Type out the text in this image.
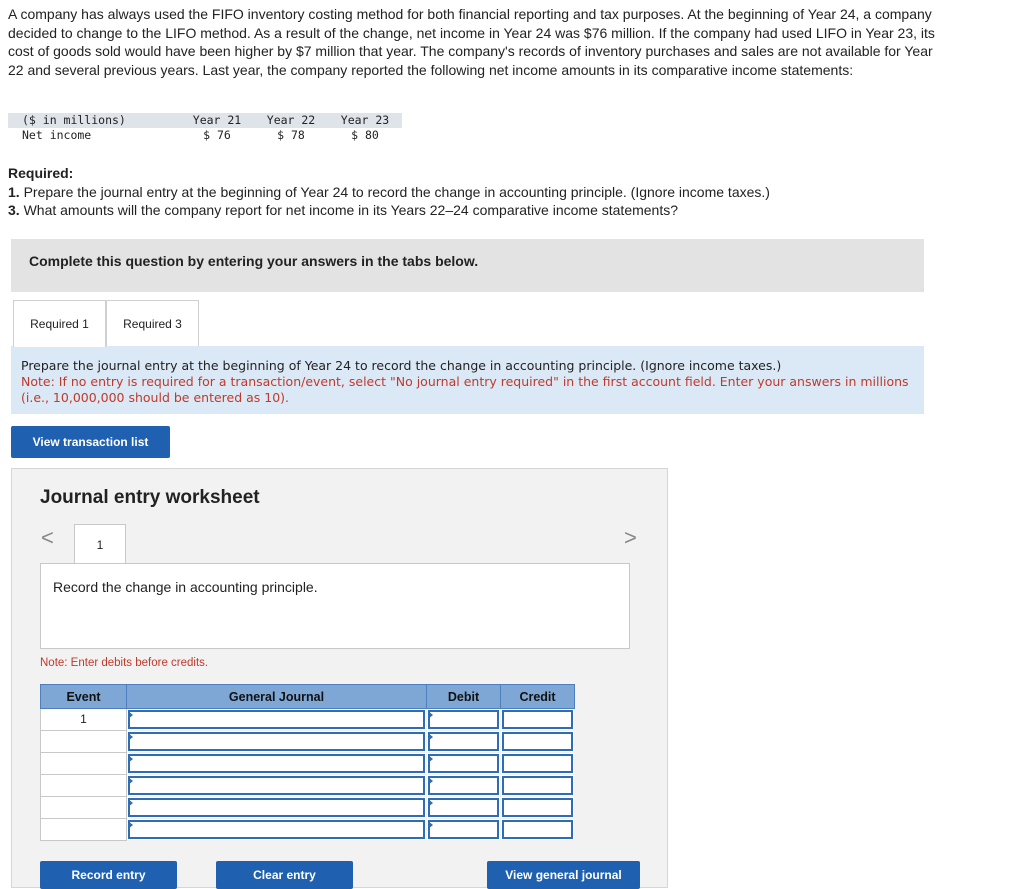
A company has always used the FIFO inventory costing method for both financial reporting and tax purposes. At the beginning of Year 24, a company decided to change to the LIFO method. As a result of the change, net income in Year 24 was $76 million. If the company had used LIFO in Year 23, its cost of goods sold would have been higher by $7 million that year. The company's records of inventory purchases and sales are not available for Year 22 and several previous years. Last year, the company reported the following net income amounts in its comparative income statements:
($ in millions)	Year 21	Year 22	Year 23
Net income	$ 76	$ 78	$ 80
Required:
1. Prepare the journal entry at the beginning of Year 24 to record the change in accounting principle. (Ignore income taxes.)
3. What amounts will the company report for net income in its Years 22–24 comparative income statements?
Complete this question by entering your answers in the tabs below.
Required 1	Required 3
Prepare the journal entry at the beginning of Year 24 to record the change in accounting principle. (Ignore income taxes.)
Note: If no entry is required for a transaction/event, select "No journal entry required" in the first account field. Enter your answers in millions (i.e., 10,000,000 should be entered as 10).
View transaction list
Journal entry worksheet
<	>
1
Record the change in accounting principle.
Note: Enter debits before credits.
Event	General Journal	Debit	Credit
1	

Record entry	Clear entry	View general journal
